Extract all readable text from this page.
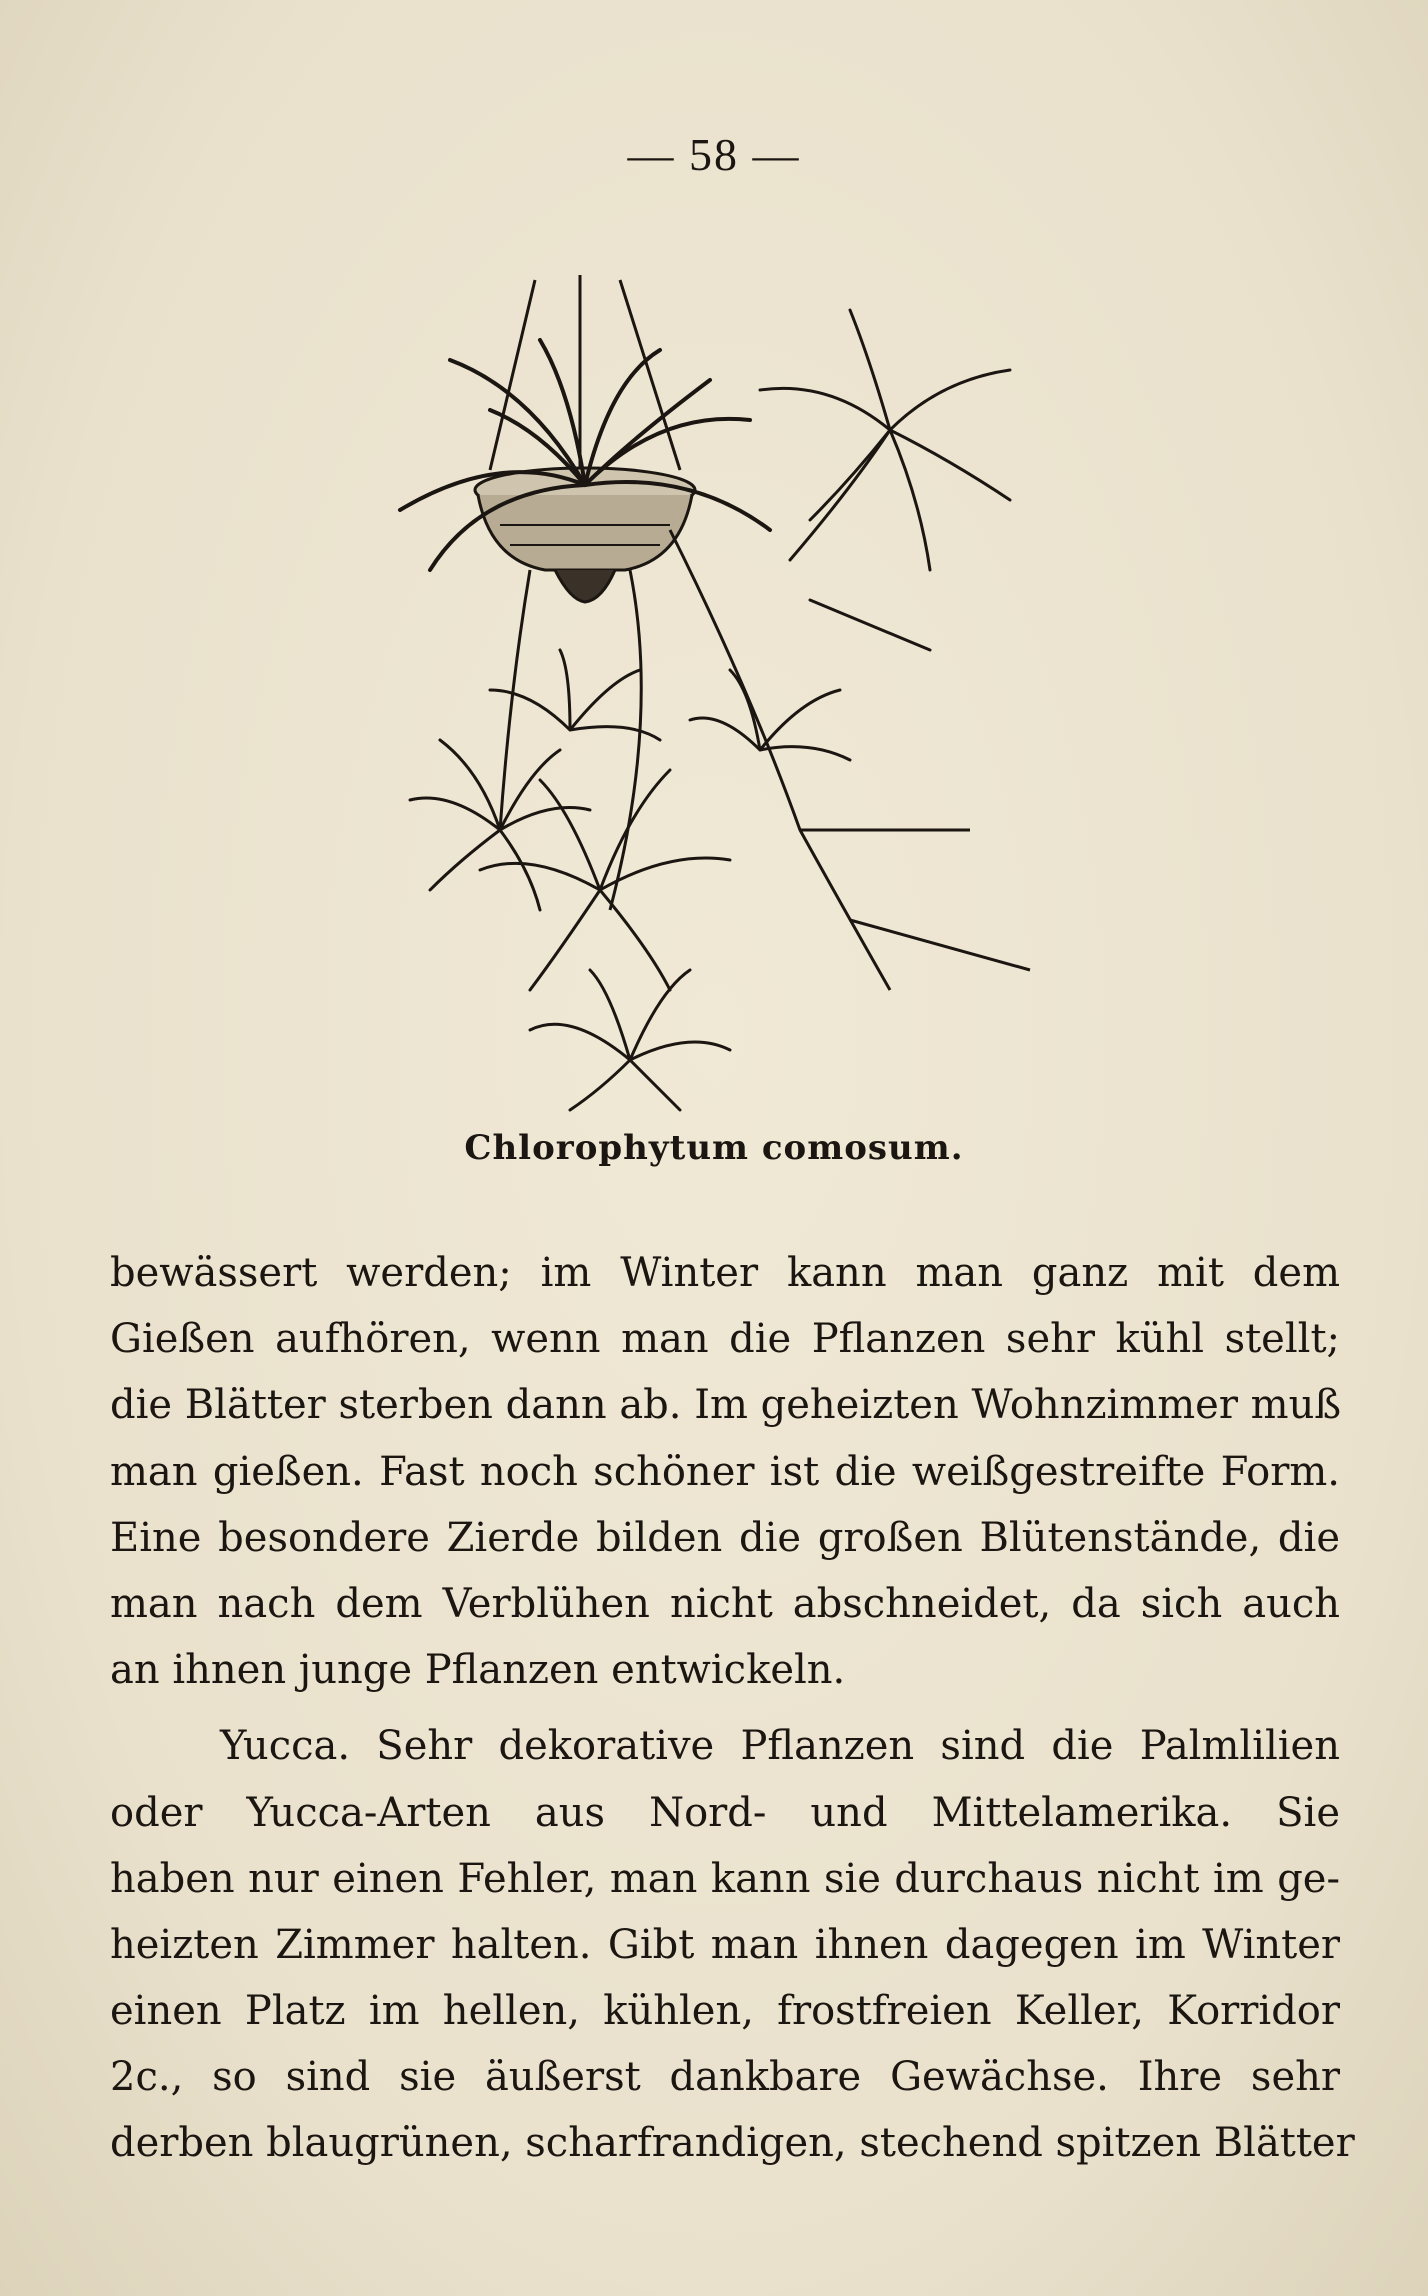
— 58 —
Chlorophytum comosum.
bewässert werden; im Winter kann man ganz mit dem
Gießen aufhören, wenn man die Pflanzen sehr kühl stellt;
die Blätter sterben dann ab. Im geheizten Wohnzimmer muß
man gießen. Fast noch schöner ist die weißgestreifte Form.
Eine besondere Zierde bilden die großen Blütenstände, die
man nach dem Verblühen nicht abschneidet, da sich auch
an ihnen junge Pflanzen entwickeln.
Yucca. Sehr dekorative Pflanzen sind die Palmlilien
oder Yucca-Arten aus Nord- und Mittelamerika. Sie
haben nur einen Fehler, man kann sie durchaus nicht im ge-
heizten Zimmer halten. Gibt man ihnen dagegen im Winter
einen Platz im hellen, kühlen, frostfreien Keller, Korridor
2c., so sind sie äußerst dankbare Gewächse. Ihre sehr
derben blaugrünen, scharfrandigen, stechend spitzen Blätter
